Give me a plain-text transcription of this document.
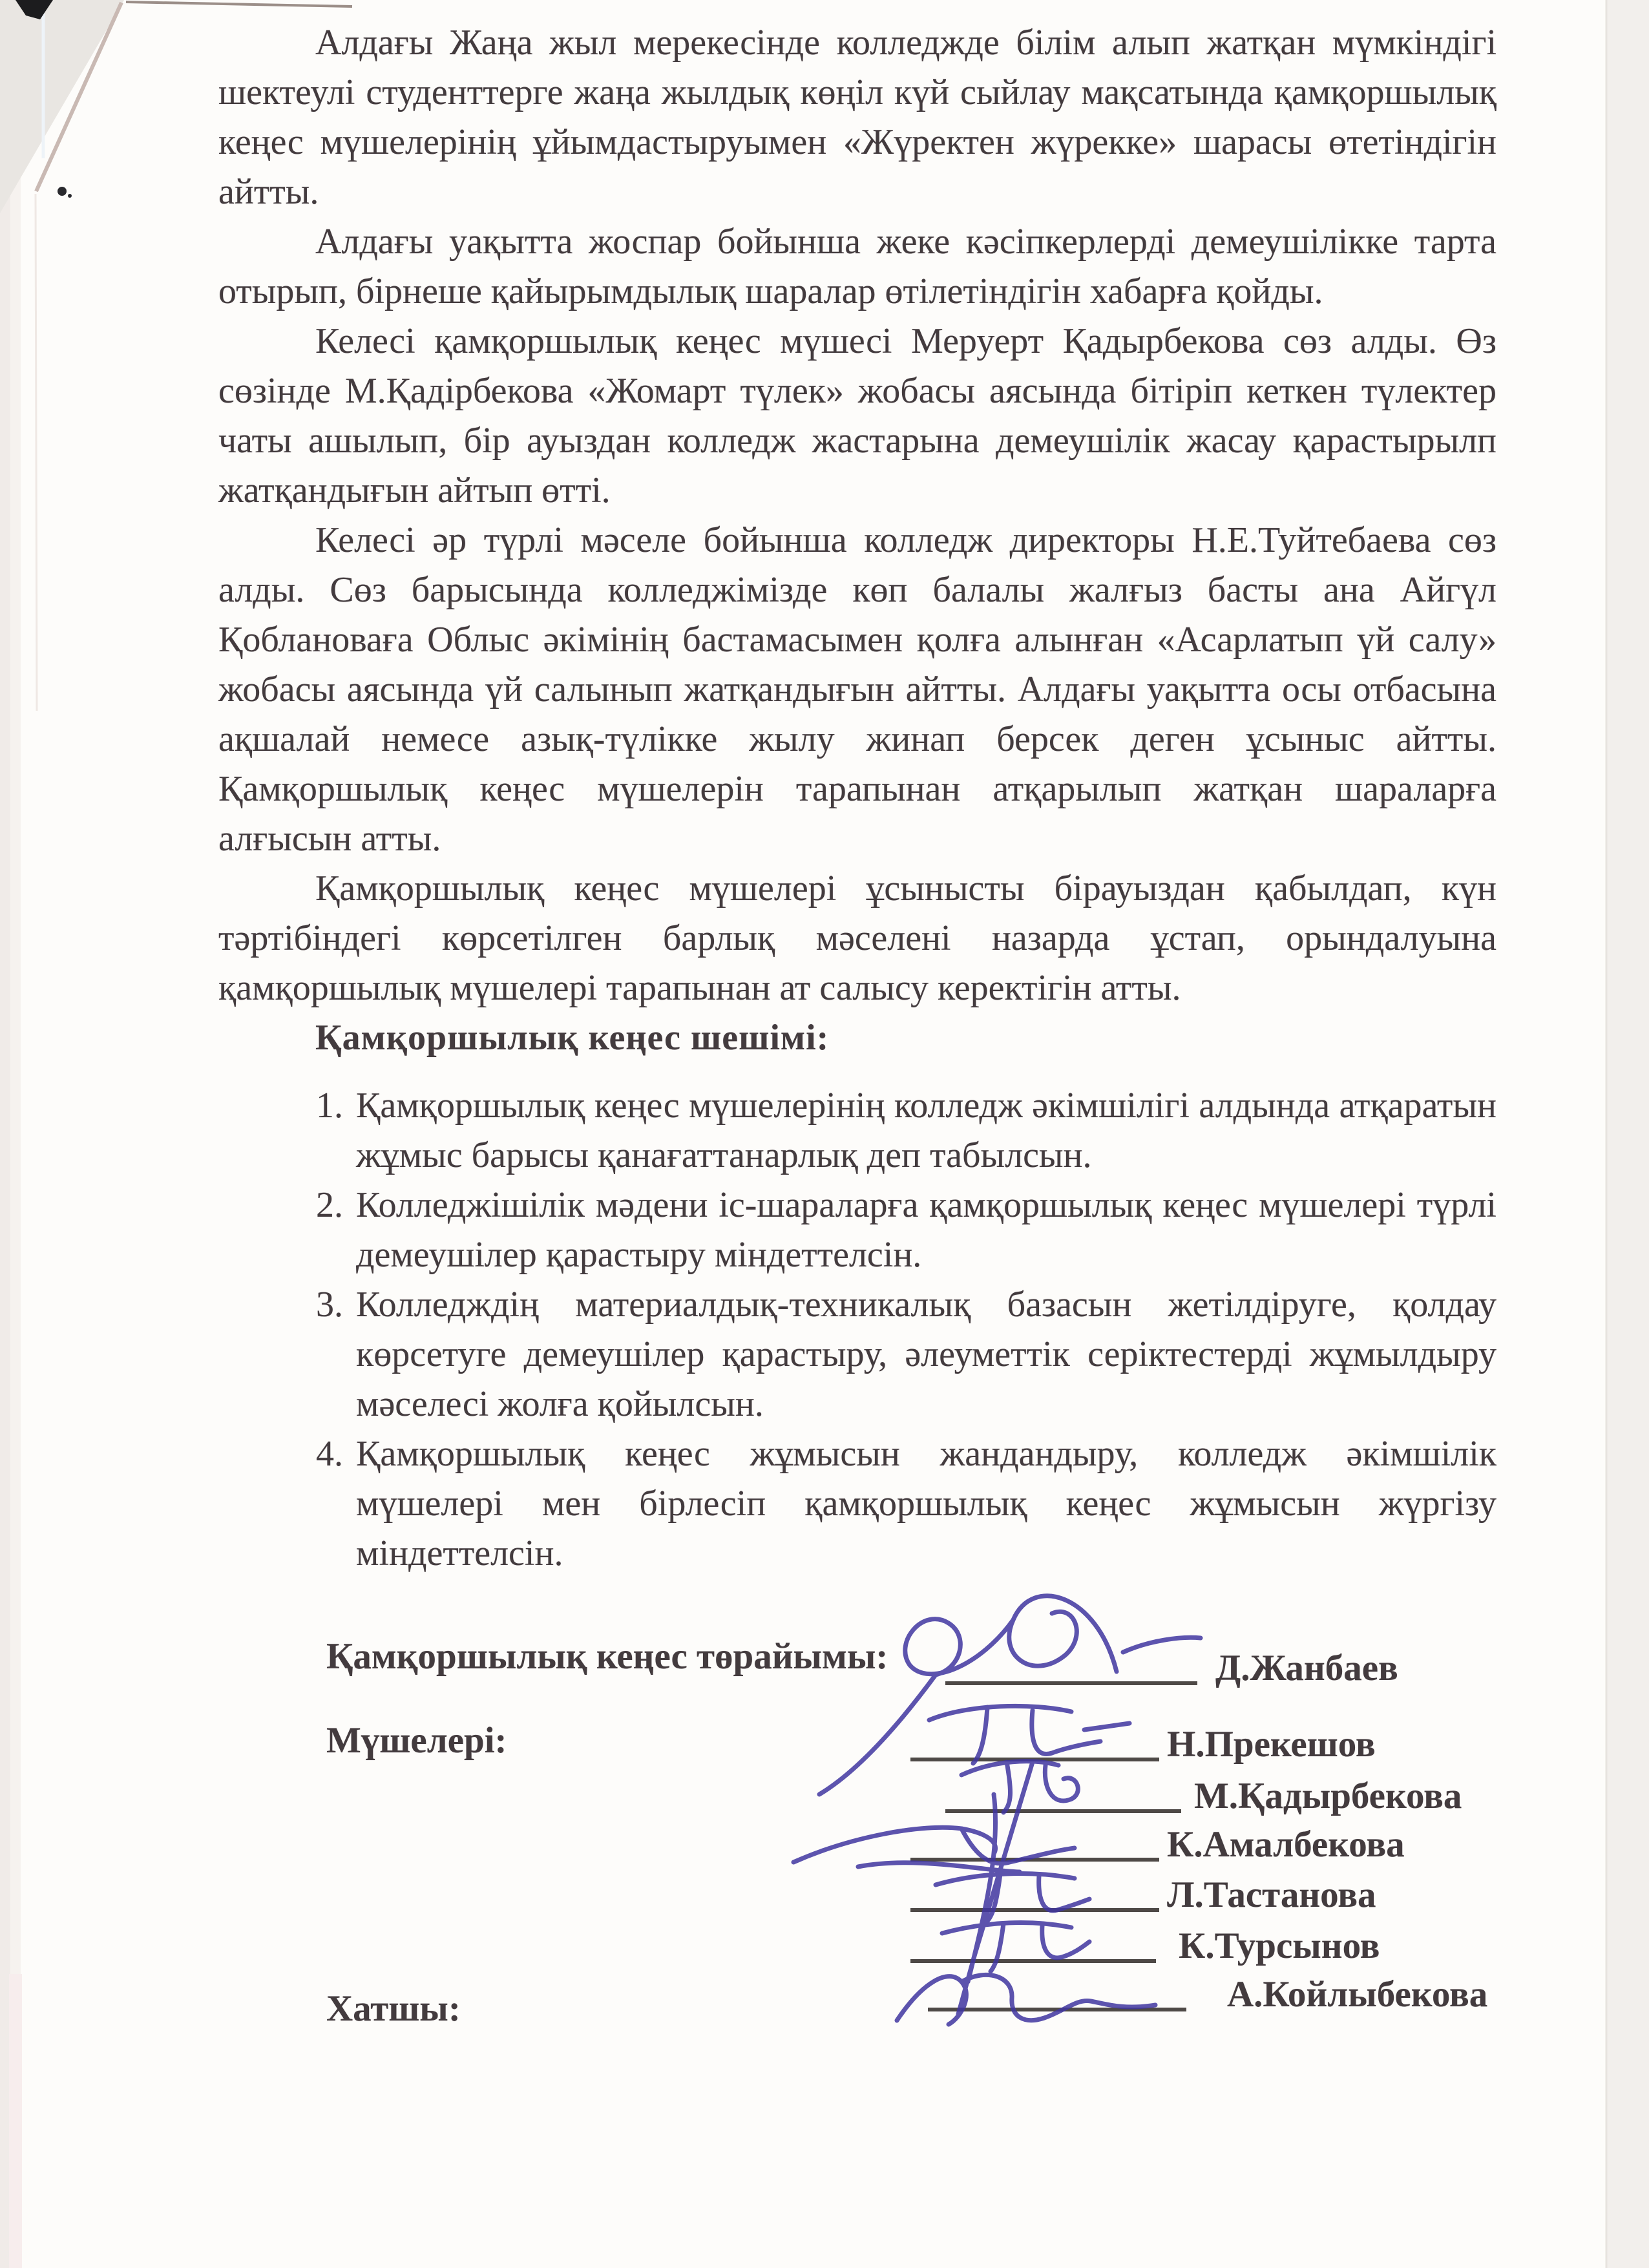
Алдағы Жаңа жыл мерекесінде колледжде білім алып жатқан мүмкіндігі шектеулі студенттерге жаңа жылдық көңіл күй сыйлау мақсатында қамқоршылық кеңес мүшелерінің ұйымдастыруымен «Жүректен жүрекке» шарасы өтетіндігін айтты.

Алдағы уақытта жоспар бойынша жеке кәсіпкерлерді демеушілікке тарта отырып, бірнеше қайырымдылық шаралар өтілетіндігін хабарға қойды.

Келесі қамқоршылық кеңес мүшесі Меруерт Қадырбекова сөз алды. Өз сөзінде М.Қадірбекова «Жомарт түлек» жобасы аясында бітіріп кеткен түлектер чаты ашылып, бір ауыздан колледж жастарына демеушілік жасау қарастырылп жатқандығын айтып өтті.

Келесі әр түрлі мәселе бойынша колледж директоры Н.Е.Туйтебаева сөз алды. Сөз барысында колледжімізде көп балалы жалғыз басты ана Айгүл Қоблановаға Облыс әкімінің бастамасымен қолға алынған «Асарлатып үй салу» жобасы аясында үй салынып жатқандығын айтты. Алдағы уақытта осы отбасына ақшалай немесе азық-түлікке жылу жинап берсек деген ұсыныс айтты. Қамқоршылық кеңес мүшелерін тарапынан атқарылып жатқан шараларға алғысын атты.

Қамқоршылық кеңес мүшелері ұсынысты бірауыздан қабылдап, күн тәртібіндегі көрсетілген барлық мәселені назарда ұстап, орындалуына қамқоршылық мүшелері тарапынан ат салысу керектігін атты.

Қамқоршылық кеңес шешімі:

1. Қамқоршылық кеңес мүшелерінің колледж әкімшілігі алдында атқаратын жұмыс барысы қанағаттанарлық деп табылсын.
2. Колледжішілік мәдени іс-шараларға қамқоршылық кеңес мүшелері түрлі демеушілер қарастыру міндеттелсін.
3. Колледждің материалдық-техникалық базасын жетілдіруге, қолдау көрсетуге демеушілер қарастыру, әлеуметтік серіктестерді жұмылдыру мәселесі жолға қойылсын.
4. Қамқоршылық кеңес жұмысын жандандыру, колледж әкімшілік мүшелері мен бірлесіп қамқоршылық кеңес жұмысын жүргізу міндеттелсін.
Қамқоршылық кеңес төрайымы:
Мүшелері:
Хатшы:
Д.Жанбаев
Н.Прекешов
М.Қадырбекова
К.Амалбекова
Л.Тастанова
К.Турсынов
А.Койлыбекова
